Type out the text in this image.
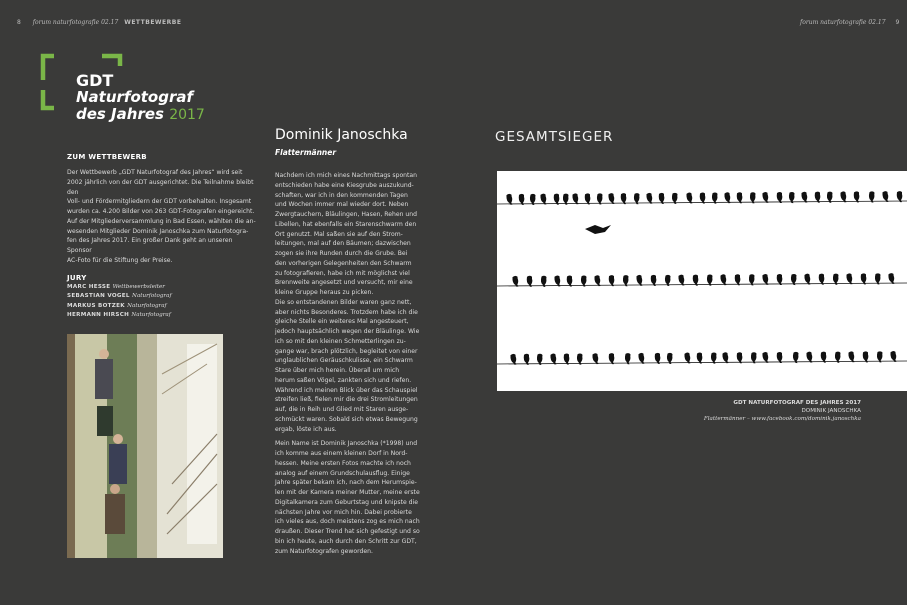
8 forum naturfotografie 02.17 WETTBEWERBE
GDT
Naturfotograf
des Jahres 2017
ZUM WETTBEWERB
Der Wettbewerb „GDT Naturfotograf des Jahres“ wird seit
2002 jährlich von der GDT ausgerichtet. Die Teilnahme bleibt den
Voll- und Fördermitgliedern der GDT vorbehalten. Insgesamt
wurden ca. 4.200 Bilder von 263 GDT-Fotografen eingereicht.
Auf der Mitgliederversammlung in Bad Essen, wählten die an-
wesenden Mitglieder Dominik Janoschka zum Naturfotogra-
fen des Jahres 2017. Ein großer Dank geht an unseren Sponsor
AC-Foto für die Stiftung der Preise.
JURY
MARC HESSE Wettbewerbsleiter
SEBASTIAN VOGEL Naturfotograf
MARKUS BOTZEK Naturfotograf
HERMANN HIRSCH Naturfotograf
Dominik Janoschka
Flattermänner

Nachdem ich mich eines Nachmittags spontan
entschieden habe eine Kiesgrube auszukund-
schaften, war ich in den kommenden Tagen
und Wochen immer mal wieder dort. Neben
Zwergtauchern, Bläulingen, Hasen, Rehen und
Libellen, hat ebenfalls ein Starenschwarm den
Ort genutzt. Mal saßen sie auf den Strom-
leitungen, mal auf den Bäumen; dazwischen
zogen sie ihre Runden durch die Grube. Bei
den vorherigen Gelegenheiten den Schwarm
zu fotografieren, habe ich mit möglichst viel
Brennweite angesetzt und versucht, mir eine
kleine Gruppe heraus zu picken.
Die so entstandenen Bilder waren ganz nett,
aber nichts Besonderes. Trotzdem habe ich die
gleiche Stelle ein weiteres Mal angesteuert,
jedoch hauptsächlich wegen der Bläulinge. Wie
ich so mit den kleinen Schmetterlingen zu-
gange war, brach plötzlich, begleitet von einer
unglaublichen Geräuschkulisse, ein Schwarm
Stare über mich herein. Überall um mich
herum saßen Vögel, zankten sich und riefen.
Während ich meinen Blick über das Schauspiel
streifen ließ, fielen mir die drei Stromleitungen
auf, die in Reih und Glied mit Staren ausge-
schmückt waren. Sobald sich etwas Bewegung
ergab, löste ich aus.

Mein Name ist Dominik Janoschka (*1998) und
ich komme aus einem kleinen Dorf in Nord-
hessen. Meine ersten Fotos machte ich noch
analog auf einem Grundschulausflug. Einige
Jahre später bekam ich, nach dem Herumspie-
len mit der Kamera meiner Mutter, meine erste
Digitalkamera zum Geburtstag und knipste die
nächsten Jahre vor mich hin. Dabei probierte
ich vieles aus, doch meistens zog es mich nach
draußen. Dieser Trend hat sich gefestigt und so
bin ich heute, auch durch den Schritt zur GDT,
zum Naturfotografen geworden.

forum naturfotografie 02.17 9
GESAMTSIEGER
GDT NATURFOTOGRAF DES JAHRES 2017
DOMINIK JANOSCHKA
Flattermänner – www.facebook.com/dominik.janoschka
